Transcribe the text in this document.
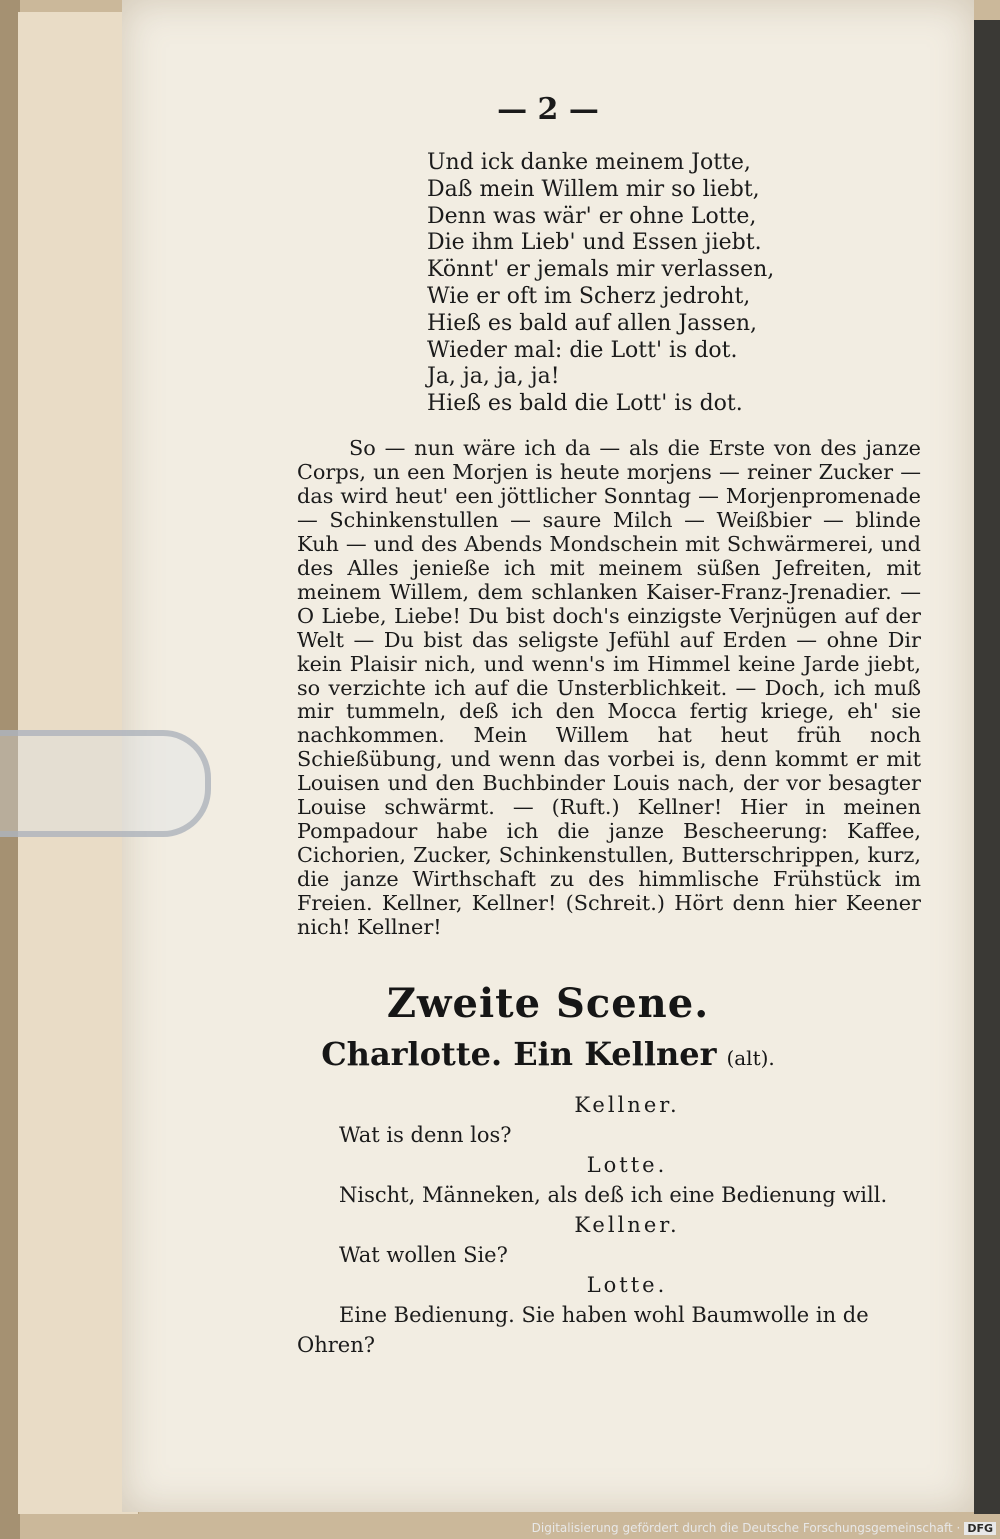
— 2 —
Und ick danke meinem Jotte,
Daß mein Willem mir so liebt,
Denn was wär' er ohne Lotte,
Die ihm Lieb' und Essen jiebt.
Könnt' er jemals mir verlassen,
Wie er oft im Scherz jedroht,
Hieß es bald auf allen Jassen,
Wieder mal: die Lott' is dot.
Ja, ja, ja, ja!
Hieß es bald die Lott' is dot.

So — nun wäre ich da — als die Erste von des janze Corps, un een Morjen is heute morjens — reiner Zucker — das wird heut' een jöttlicher Sonntag — Morjenpromenade — Schinkenstullen — saure Milch — Weißbier — blinde Kuh — und des Abends Mondschein mit Schwärmerei, und des Alles jenieße ich mit meinem süßen Jefreiten, mit meinem Willem, dem schlanken Kaiser-Franz-Jrenadier. — O Liebe, Liebe! Du bist doch's einzigste Verjnügen auf der Welt — Du bist das seligste Jefühl auf Erden — ohne Dir kein Plaisir nich, und wenn's im Himmel keine Jarde jiebt, so verzichte ich auf die Unsterblichkeit. — Doch, ich muß mir tummeln, deß ich den Mocca fertig kriege, eh' sie nachkommen. Mein Willem hat heut früh noch Schießübung, und wenn das vorbei is, denn kommt er mit Louisen und den Buchbinder Louis nach, der vor besagter Louise schwärmt. — (Ruft.) Kellner! Hier in meinen Pompadour habe ich die janze Bescheerung: Kaffee, Cichorien, Zucker, Schinkenstullen, Butterschrippen, kurz, die janze Wirthschaft zu des himmlische Frühstück im Freien. Kellner, Kellner! (Schreit.) Hört denn hier Keener nich! Kellner!

Zweite Scene.
Charlotte. Ein Kellner (alt).
Kellner.
Wat is denn los?
Lotte.
Nischt, Männeken, als deß ich eine Bedienung will.
Kellner.
Wat wollen Sie?
Lotte.
Eine Bedienung. Sie haben wohl Baumwolle in de Ohren?
Digitalisierung gefördert durch die Deutsche Forschungsgemeinschaft · DFG
